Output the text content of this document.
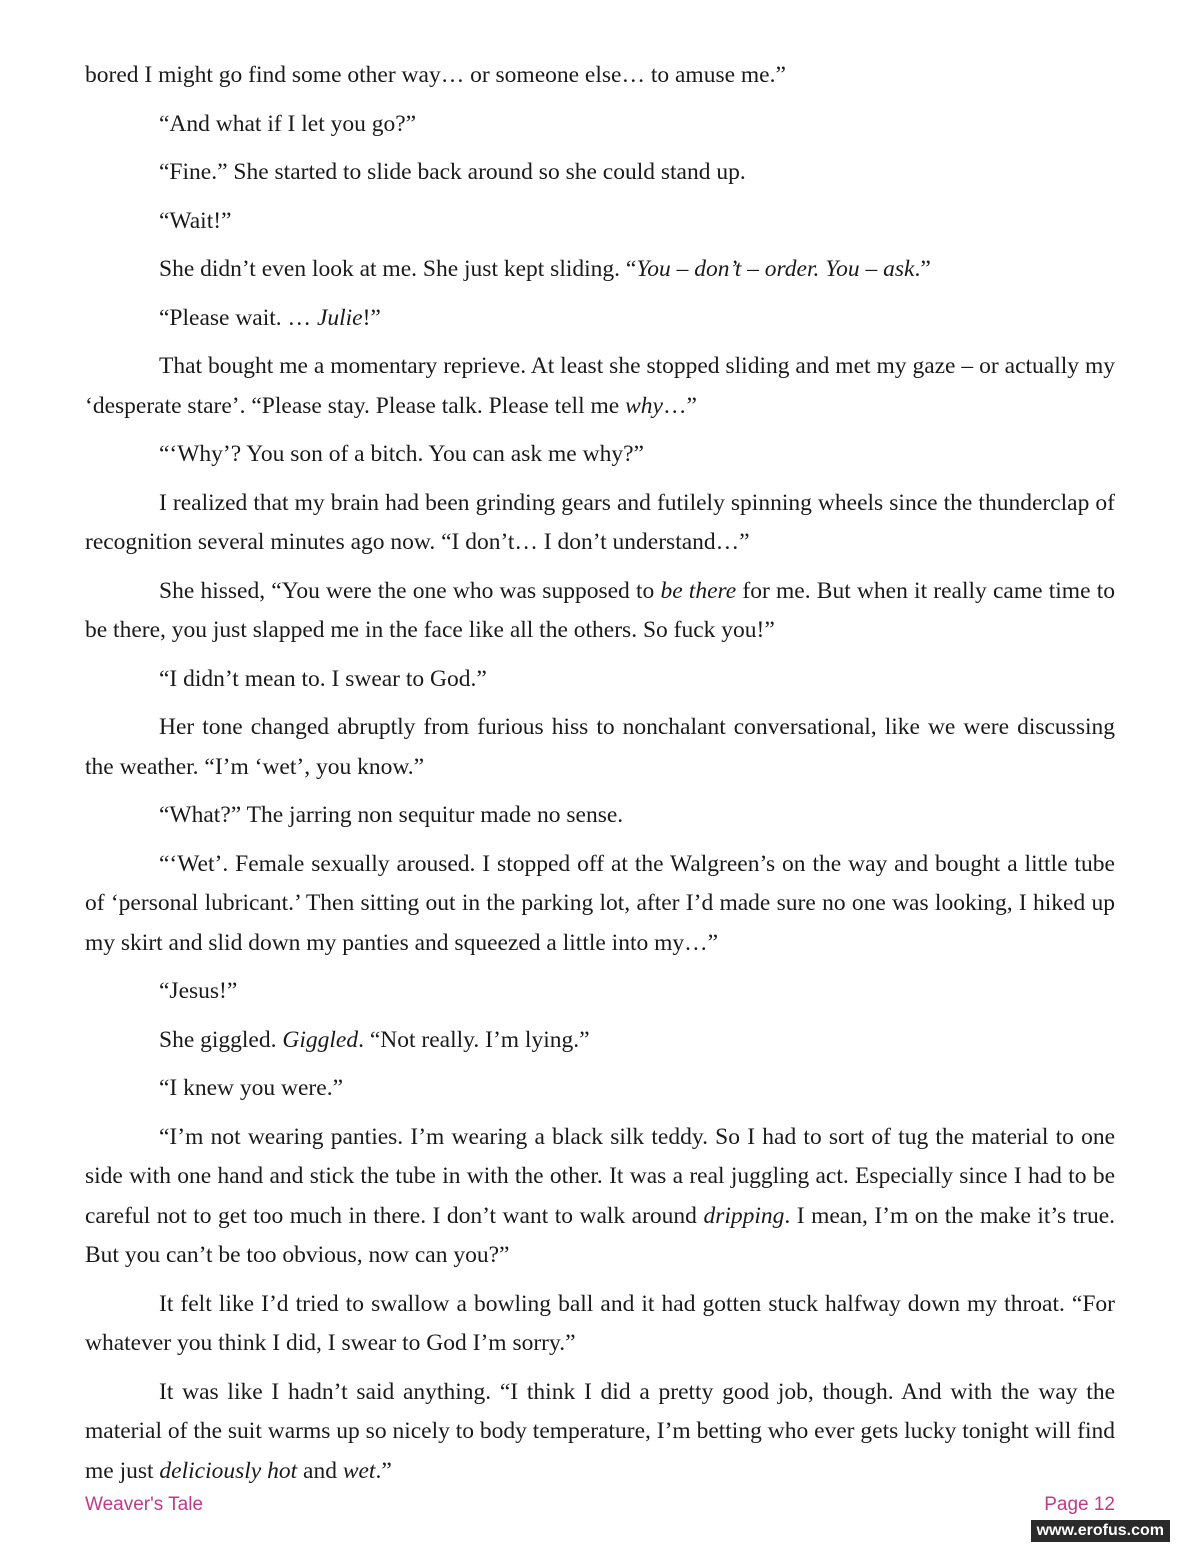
bored I might go find some other way… or someone else… to amuse me.”

“And what if I let you go?”

“Fine.” She started to slide back around so she could stand up.

“Wait!”

She didn’t even look at me. She just kept sliding. “You – don’t – order. You – ask.”

“Please wait. … Julie!”

That bought me a momentary reprieve. At least she stopped sliding and met my gaze – or actually my ‘desperate stare’. “Please stay. Please talk. Please tell me why…”

“‘Why’? You son of a bitch. You can ask me why?”

I realized that my brain had been grinding gears and futilely spinning wheels since the thunderclap of recognition several minutes ago now. “I don’t… I don’t understand…”

She hissed, “You were the one who was supposed to be there for me. But when it really came time to be there, you just slapped me in the face like all the others. So fuck you!”

“I didn’t mean to. I swear to God.”

Her tone changed abruptly from furious hiss to nonchalant conversational, like we were discussing the weather. “I’m ‘wet’, you know.”

“What?” The jarring non sequitur made no sense.

“‘Wet’. Female sexually aroused. I stopped off at the Walgreen’s on the way and bought a little tube of ‘personal lubricant.’ Then sitting out in the parking lot, after I’d made sure no one was looking, I hiked up my skirt and slid down my panties and squeezed a little into my…”

“Jesus!”

She giggled. Giggled. “Not really. I’m lying.”

“I knew you were.”

“I’m not wearing panties. I’m wearing a black silk teddy. So I had to sort of tug the material to one side with one hand and stick the tube in with the other. It was a real juggling act. Especially since I had to be careful not to get too much in there. I don’t want to walk around dripping. I mean, I’m on the make it’s true. But you can’t be too obvious, now can you?”

It felt like I’d tried to swallow a bowling ball and it had gotten stuck halfway down my throat. “For whatever you think I did, I swear to God I’m sorry.”

It was like I hadn’t said anything. “I think I did a pretty good job, though. And with the way the material of the suit warms up so nicely to body temperature, I’m betting who ever gets lucky tonight will find me just deliciously hot and wet.”

Weaver's Tale	Page 12
www.erofus.com
